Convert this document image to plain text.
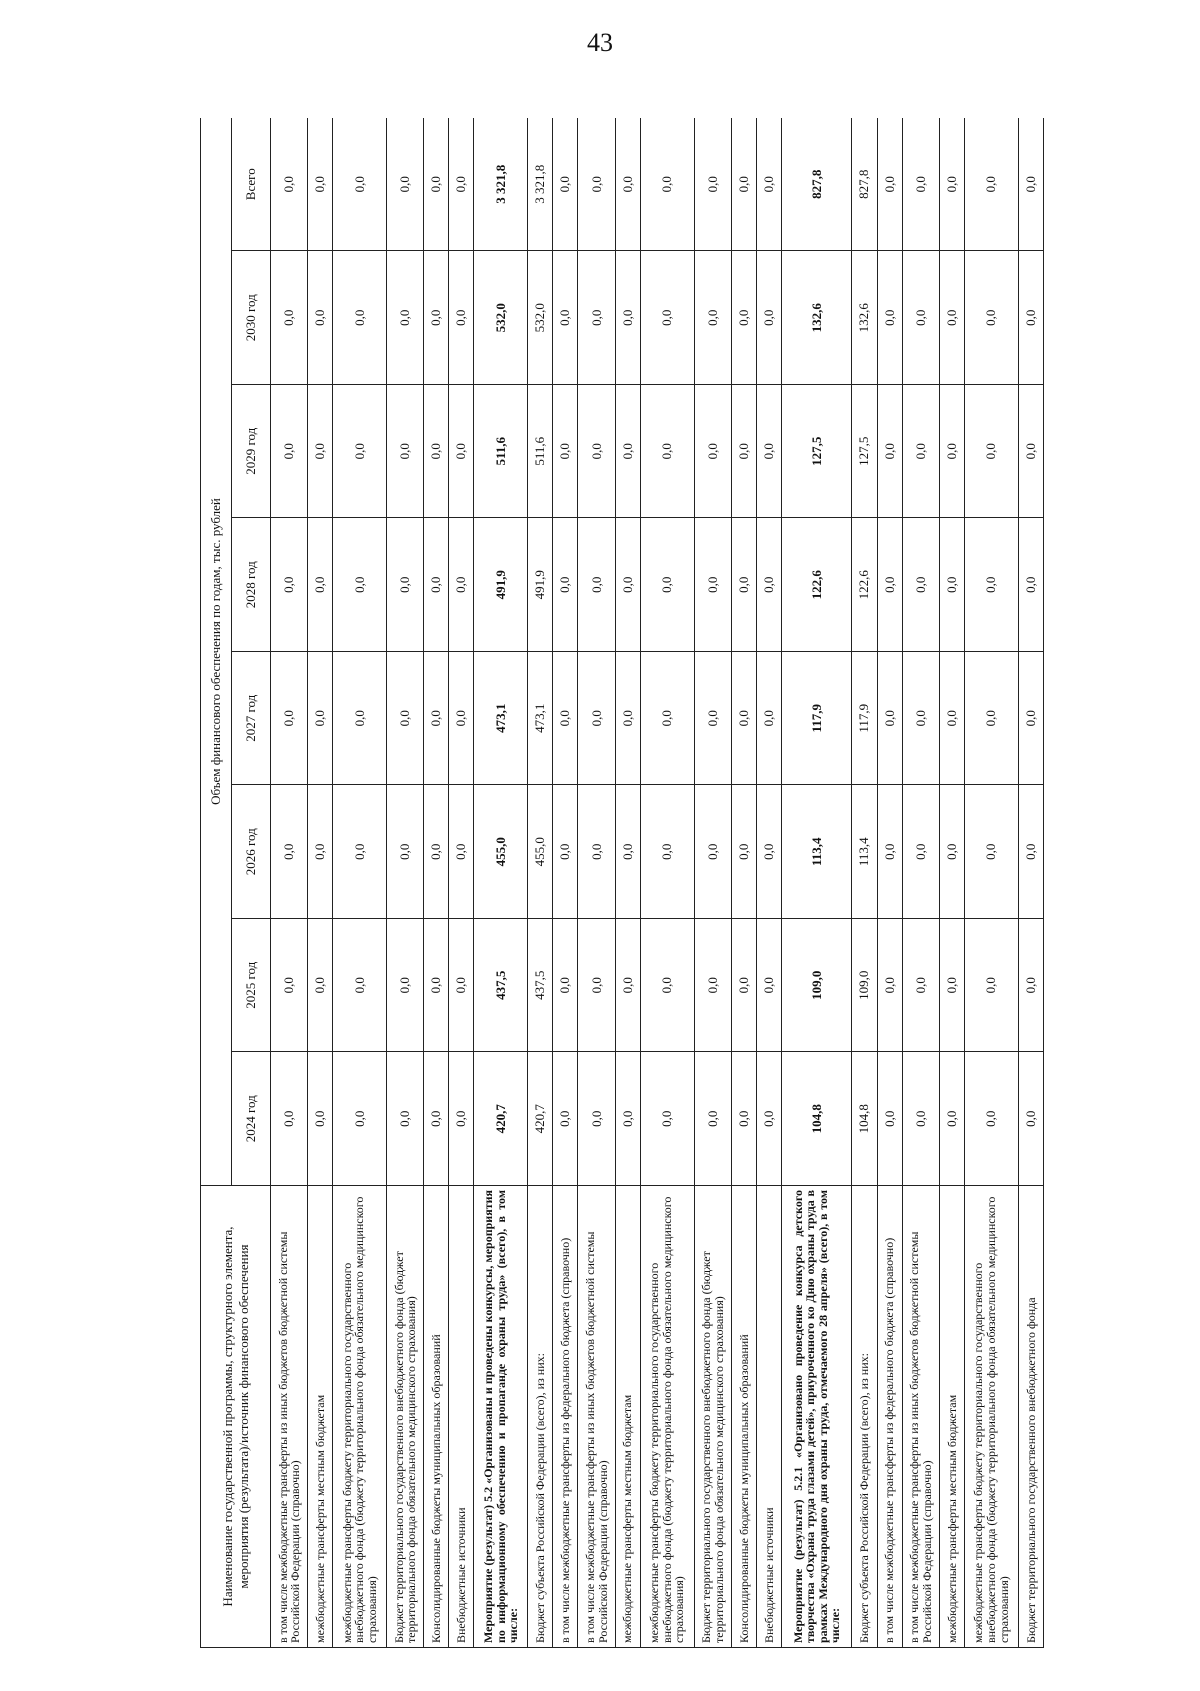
43
Наименование государственной программы, структурного элемента, мероприятия (результата)/источник финансового обеспечения	Объем финансового обеспечения по годам, тыс. рублей							
	2024 год	2025 год	2026 год	2027 год	2028 год	2029 год	2030 год	Всего
в том числе межбюджетные трансферты из иных бюджетов бюджетной системы Российской Федерации (справочно)	0,0	0,0	0,0	0,0	0,0	0,0	0,0	0,0
межбюджетные трансферты местным бюджетам	0,0	0,0	0,0	0,0	0,0	0,0	0,0	0,0
межбюджетные трансферты бюджету территориального государственного внебюджетного фонда (бюджету территориального фонда обязательного медицинского страхования)	0,0	0,0	0,0	0,0	0,0	0,0	0,0	0,0
Бюджет территориального государственного внебюджетного фонда (бюджет территориального фонда обязательного медицинского страхования)	0,0	0,0	0,0	0,0	0,0	0,0	0,0	0,0
Консолидированные бюджеты муниципальных образований	0,0	0,0	0,0	0,0	0,0	0,0	0,0	0,0
Внебюджетные источники	0,0	0,0	0,0	0,0	0,0	0,0	0,0	0,0
Мероприятие (результат) 5.2 «Организованы и проведены конкурсы, мероприятия по информационному обеспечению и пропаганде охраны труда» (всего), в том числе:	420,7	437,5	455,0	473,1	491,9	511,6	532,0	3 321,8
Бюджет субъекта Российской Федерации (всего), из них:	420,7	437,5	455,0	473,1	491,9	511,6	532,0	3 321,8
в том числе межбюджетные трансферты из федерального бюджета (справочно)	0,0	0,0	0,0	0,0	0,0	0,0	0,0	0,0
в том числе межбюджетные трансферты из иных бюджетов бюджетной системы Российской Федерации (справочно)	0,0	0,0	0,0	0,0	0,0	0,0	0,0	0,0
межбюджетные трансферты местным бюджетам	0,0	0,0	0,0	0,0	0,0	0,0	0,0	0,0
межбюджетные трансферты бюджету территориального государственного внебюджетного фонда (бюджету территориального фонда обязательного медицинского страхования)	0,0	0,0	0,0	0,0	0,0	0,0	0,0	0,0
Бюджет территориального государственного внебюджетного фонда (бюджет территориального фонда обязательного медицинского страхования)	0,0	0,0	0,0	0,0	0,0	0,0	0,0	0,0
Консолидированные бюджеты муниципальных образований	0,0	0,0	0,0	0,0	0,0	0,0	0,0	0,0
Внебюджетные источники	0,0	0,0	0,0	0,0	0,0	0,0	0,0	0,0
Мероприятие (результат) 5.2.1 «Организовано проведение конкурса детского творчества «Охрана труда глазами детей», приуроченного ко Дню охраны труда в рамках Международного дня охраны труда, отмечаемого 28 апреля» (всего), в том числе:	104,8	109,0	113,4	117,9	122,6	127,5	132,6	827,8
Бюджет субъекта Российской Федерации (всего), из них:	104,8	109,0	113,4	117,9	122,6	127,5	132,6	827,8
в том числе межбюджетные трансферты из федерального бюджета (справочно)	0,0	0,0	0,0	0,0	0,0	0,0	0,0	0,0
в том числе межбюджетные трансферты из иных бюджетов бюджетной системы Российской Федерации (справочно)	0,0	0,0	0,0	0,0	0,0	0,0	0,0	0,0
межбюджетные трансферты местным бюджетам	0,0	0,0	0,0	0,0	0,0	0,0	0,0	0,0
межбюджетные трансферты бюджету территориального государственного внебюджетного фонда (бюджету территориального фонда обязательного медицинского страхования)	0,0	0,0	0,0	0,0	0,0	0,0	0,0	0,0
Бюджет территориального государственного внебюджетного фонда	0,0	0,0	0,0	0,0	0,0	0,0	0,0	0,0
